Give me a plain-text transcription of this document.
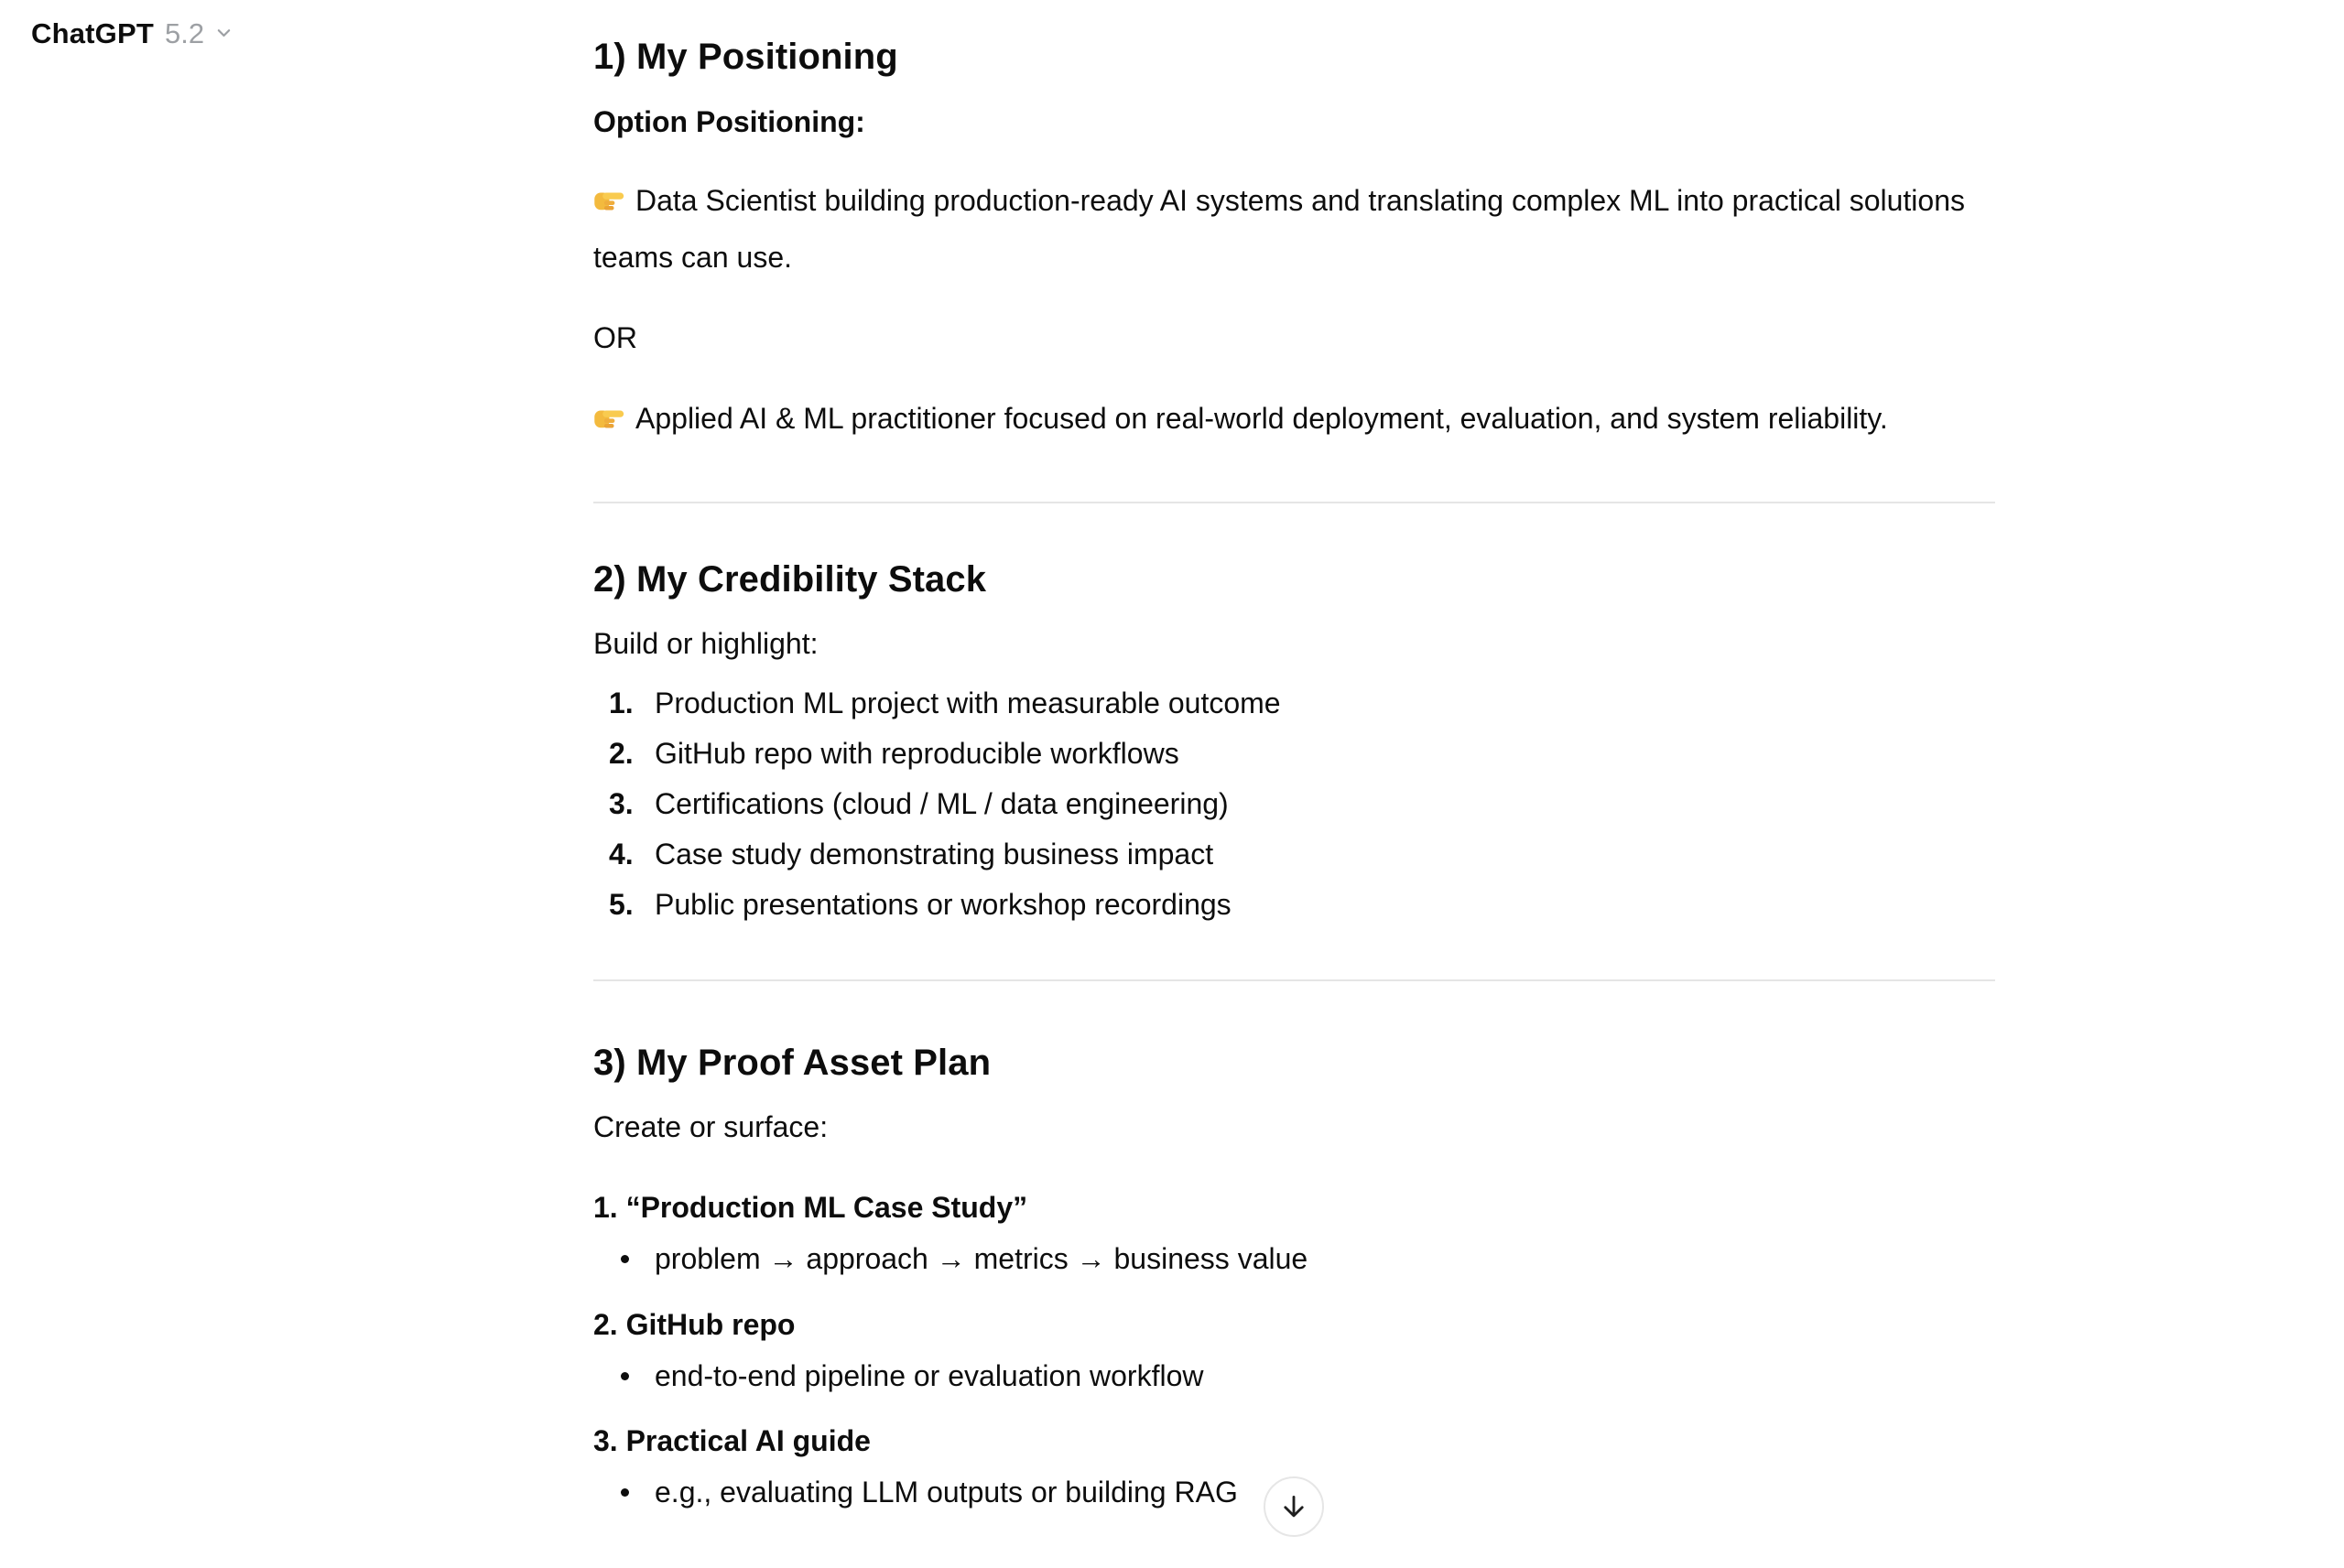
ChatGPT 5.2
1) My Positioning

Option Positioning:

Data Scientist building production-ready AI systems and translating complex ML into practical solutions teams can use.

OR

Applied AI & ML practitioner focused on real-world deployment, evaluation, and system reliability.

2) My Credibility Stack

Build or highlight:

1. Production ML project with measurable outcome
2. GitHub repo with reproducible workflows
3. Certifications (cloud / ML / data engineering)
4. Case study demonstrating business impact
5. Public presentations or workshop recordings
3) My Proof Asset Plan

Create or surface:

1. “Production ML Case Study”

problem → approach → metrics → business value

2. GitHub repo

end-to-end pipeline or evaluation workflow

3. Practical AI guide

e.g., evaluating LLM outputs or building RAG
